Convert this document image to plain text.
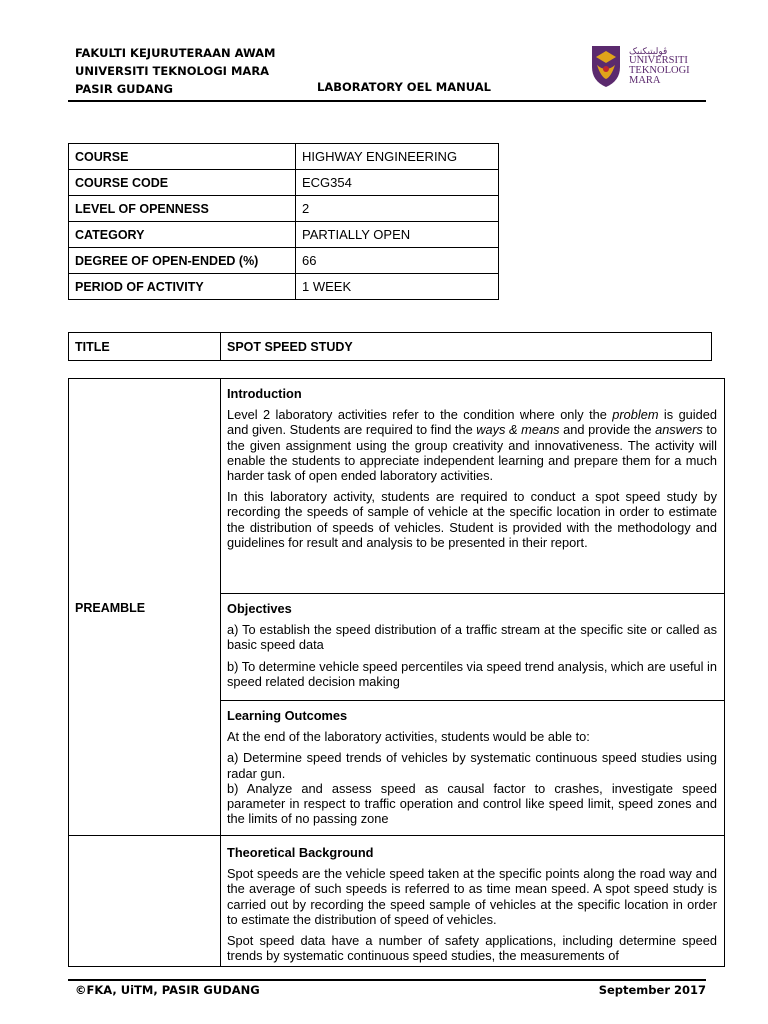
FAKULTI KEJURUTERAAN AWAM
UNIVERSITI TEKNOLOGI MARA
PASIR GUDANG	LABORATORY OEL MANUAL
ڤوليتيكنيک
UNIVERSITI
TEKNOLOGI
MARA
COURSE	HIGHWAY ENGINEERING
COURSE CODE	ECG354
LEVEL OF OPENNESS	2
CATEGORY	PARTIALLY OPEN
DEGREE OF OPEN-ENDED (%)	66
PERIOD OF ACTIVITY	1 WEEK
TITLE	SPOT SPEED STUDY
PREAMBLE
Introduction

Level 2 laboratory activities refer to the condition where only the problem is guided and given. Students are required to find the ways & means and provide the answers to the given assignment using the group creativity and innovativeness. The activity will enable the students to appreciate independent learning and prepare them for a much harder task of open ended laboratory activities.

In this laboratory activity, students are required to conduct a spot speed study by recording the speeds of sample of vehicle at the specific location in order to estimate the distribution of speeds of vehicles. Student is provided with the methodology and guidelines for result and analysis to be presented in their report.

Objectives

a) To establish the speed distribution of a traffic stream at the specific site or called as basic speed data

b) To determine vehicle speed percentiles via speed trend analysis, which are useful in speed related decision making

Learning Outcomes

At the end of the laboratory activities, students would be able to:

a) Determine speed trends of vehicles by systematic continuous speed studies using radar gun.

b) Analyze and assess speed as causal factor to crashes, investigate speed parameter in respect to traffic operation and control like speed limit, speed zones and the limits of no passing zone

Theoretical Background

Spot speeds are the vehicle speed taken at the specific points along the road way and the average of such speeds is referred to as time mean speed. A spot speed study is carried out by recording the speed sample of vehicles at the specific location in order to estimate the distribution of speed of vehicles.

Spot speed data have a number of safety applications, including determine speed trends by systematic continuous speed studies, the measurements of

©FKA, UiTM, PASIR GUDANG	September 2017
